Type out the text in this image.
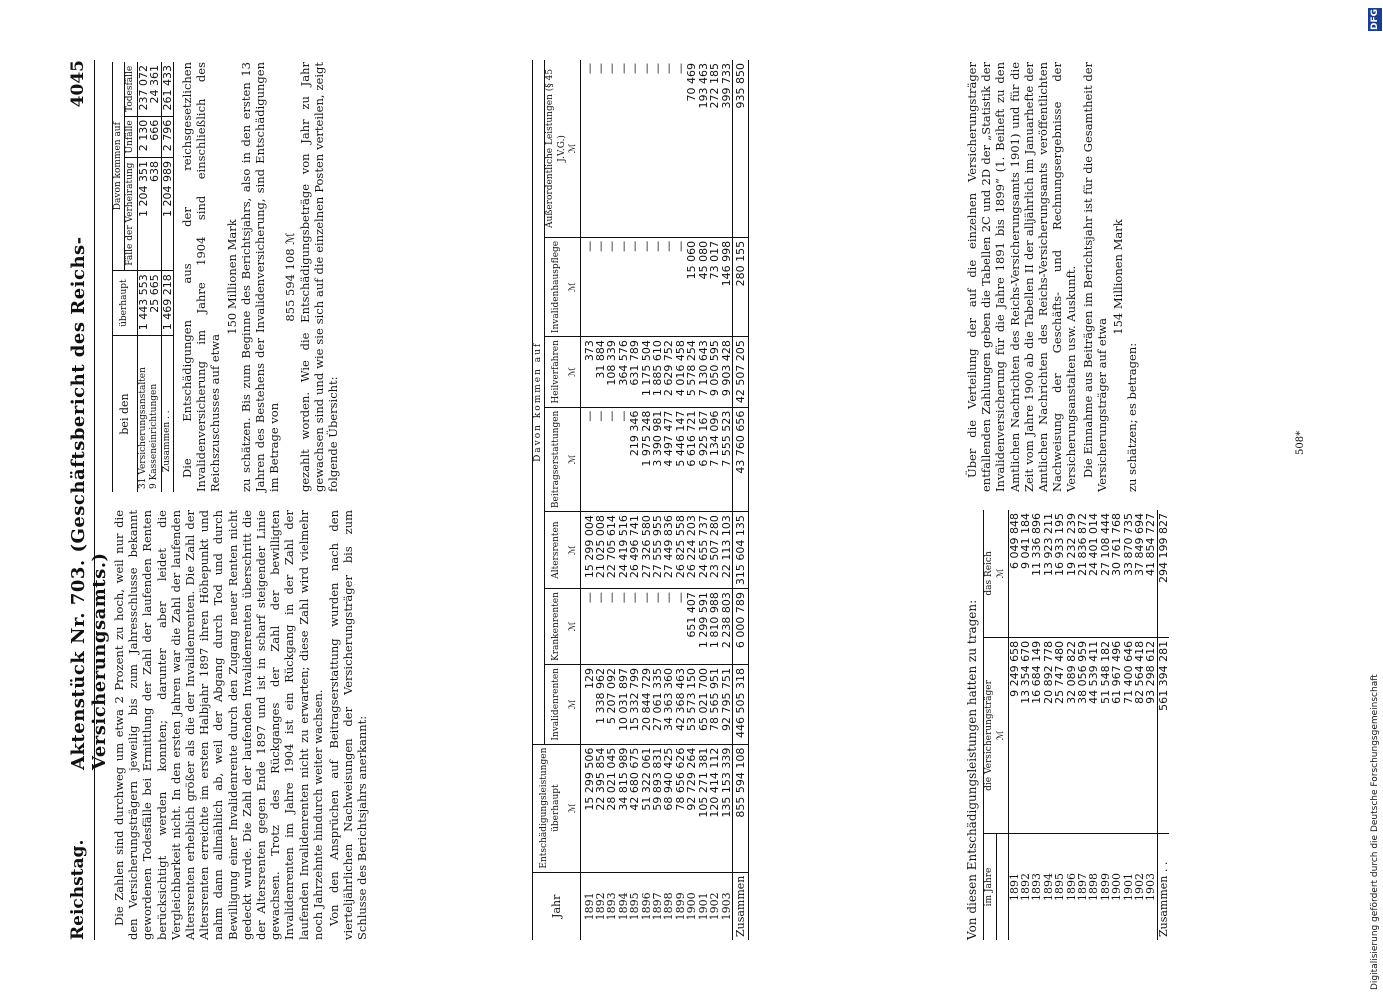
Reichstag.
Aktenstück Nr. 703. (Geschäftsbericht des Reichs-Versicherungsamts.)
4045

Die Zahlen sind durchweg um etwa 2 Prozent zu hoch, weil nur die den Versicherungsträgern jeweilig bis zum Jahresschlusse bekannt gewordenen Todesfälle bei Ermittlung der Zahl der laufenden Renten berücksichtigt werden konnten; darunter aber leidet die Vergleichbarkeit nicht. In den ersten Jahren war die Zahl der laufenden Altersrenten erheblich größer als die der Invalidenrenten. Die Zahl der Altersrenten erreichte im ersten Halbjahr 1897 ihren Höhepunkt und nahm dann allmählich ab, weil der Abgang durch Tod und durch Bewilligung einer Invalidenrente durch den Zugang neuer Renten nicht gedeckt wurde. Die Zahl der laufenden Invalidenrenten überschritt die der Altersrenten gegen Ende 1897 und ist in scharf steigender Linie gewachsen. Trotz des Rückganges der Zahl der bewilligten Invalidenrenten im Jahre 1904 ist ein Rückgang in der Zahl der laufenden Invalidenrenten nicht zu erwarten; diese Zahl wird vielmehr noch Jahrzehnte hindurch weiter wachsen. Von den Ansprüchen auf Beitragserstattung wurden nach den vierteljährlichen Nachweisungen der Versicherungsträger bis zum Schlusse des Berichtsjahrs anerkannt:

bei den	überhaupt	Davon kommen auf		
		Fälle der Verheiratung	Unfälle	Todesfälle
31 Versicherungsanstalten	1 443 553	1 204 351	2 130	237 072
9 Kasseneinrichtungen	25 665	638	666	24 361
Zusammen . .	1 469 218	1 204 989	2 796	261 433 Die Entschädigungen aus der reichsgesetzlichen Invalidenversicherung im Jahre 1904 sind einschließlich des Reichszuschusses auf etwa

150 Millionen Mark zu schätzen. Bis zum Beginne des Berichtsjahrs, also in den ersten 13 Jahren des Bestehens der Invalidenversicherung, sind Entschädigungen im Betrage von

855 594 108 ℳ gezahlt worden. Wie die Entschädigungsbeträge von Jahr zu Jahr gewachsen sind und wie sie sich auf die einzelnen Posten verteilen, zeigt folgende Übersicht:

Jahr	Entschädigungsleistungen überhaupt	Davon kommen auf						
		Invalidenrenten	Krankenrenten	Altersrenten	Beitragserstattungen	Heilverfahren	Invalidenhauspflege	Außerordentliche Leistungen (§ 45 J.V.G.)
	ℳ	ℳ	ℳ	ℳ	ℳ	ℳ	ℳ	ℳ
1891	15 299 506	129	—	15 299 004	—	373	—	—
1892	22 395 854	1 338 962	—	21 025 008	—	31 884	—	—
1893	28 021 045	5 207 092	—	22 705 614	—	108 339	—	—
1894	34 815 989	10 031 897	—	24 419 516	—	364 576	—	—
1895	42 680 675	15 332 799	—	26 496 741	219 346	631 789	—	—
1896	51 322 061	20 844 729	—	27 326 580	1 975 248	1 175 504	—	—
1897	59 893 831	27 061 335	—	27 555 955	3 390 981	1 885 610	—	—
1898	68 940 425	34 363 360	—	27 449 836	4 497 477	2 629 752	—	—
1899	78 656 626	42 368 463	—	26 825 558	5 446 147	4 016 458	—	—
1900	92 729 264	53 573 150	651 407	26 224 203	6 616 721	5 578 254	15 060	70 469
1901	105 271 381	65 021 700	1 299 591	24 655 737	6 925 167	7 130 643	45 080	193 463
1902	120 414 112	78 565 951	1 810 988	23 507 280	7 134 096	9 050 595	73 017	272 185
1903	135 153 339	92 795 751	2 238 803	22 113 103	7 555 523	9 903 428	146 998	399 733
Zusammen	855 594 108	446 505 318	6 000 789	315 604 135	43 760 656	42 507 205	280 155	935 850
Von diesen Entschädigungsleistungen hatten zu tragen: im Jahre	die Versicherungsträger	das Reich
	ℳ	ℳ
1891	9 249 658	6 049 848
1892	13 354 670	9 041 184
1893	16 684 149	11 336 896
1894	20 892 778	13 923 211
1895	25 747 480	16 933 195
1896	32 089 822	19 232 239
1897	38 056 959	21 836 872
1898	44 539 411	24 401 014
1899	51 548 182	27 108 444
1900	61 967 496	30 761 768
1901	71 400 646	33 870 735
1902	82 564 418	37 849 694
1903	93 298 612	41 854 727
Zusammen . .	561 394 281	294 199 827

Über die Verteilung der auf die einzelnen Versicherungsträger entfallenden Zahlungen geben die Tabellen 2C und 2D der „Statistik der Invalidenversicherung für die Jahre 1891 bis 1899“ (1. Beiheft zu den Amtlichen Nachrichten des Reichs-Versicherungsamts 1901) und für die Zeit vom Jahre 1900 ab die Tabellen II der alljährlich im Januarhefte der Amtlichen Nachrichten des Reichs-Versicherungsamts veröffentlichten Nachweisung der Geschäfts- und Rechnungsergebnisse der Versicherungsanstalten usw. Auskunft. Die Einnahme aus Beiträgen im Berichtsjahr ist für die Gesamtheit der Versicherungsträger auf etwa

154 Millionen Mark

zu schätzen; es betragen:	508*
Digitalisierung gefördert durch die Deutsche Forschungsgemeinschaft
DFG
